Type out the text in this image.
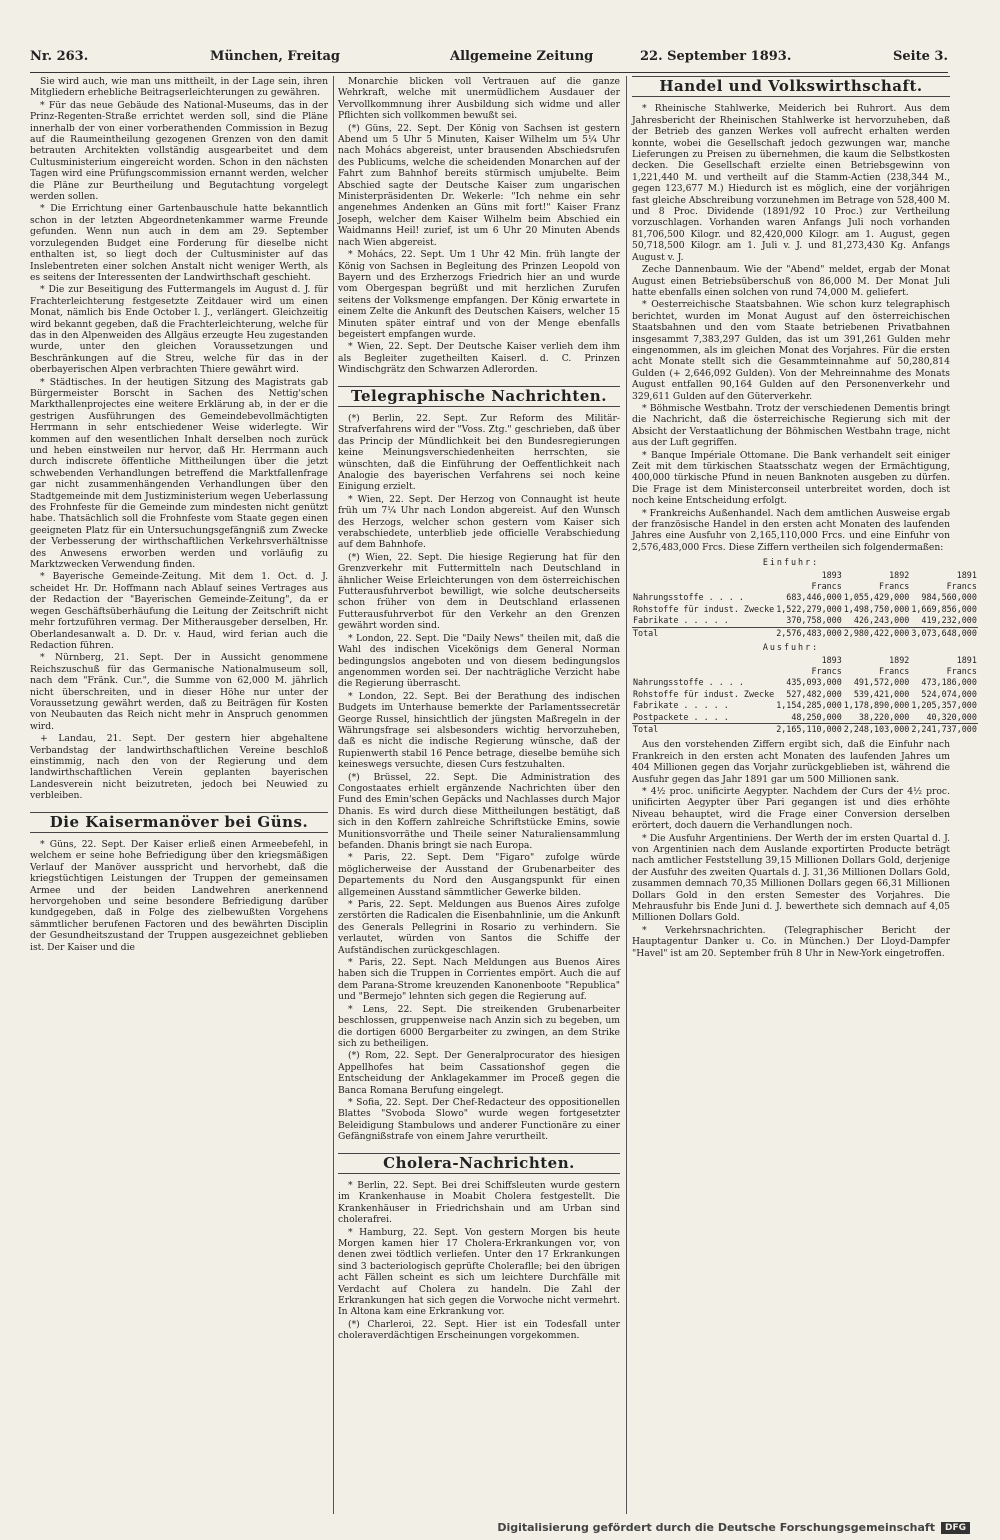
Nr. 263.	München, Freitag	Allgemeine Zeitung	22. September 1893.	Seite 3.

Sie wird auch, wie man uns mittheilt, in der Lage sein, ihren Mitgliedern erhebliche Beitragserleichterungen zu gewähren.

* Für das neue Gebäude des National-Museums, das in der Prinz-Regenten-Straße errichtet werden soll, sind die Pläne innerhalb der von einer vorberathenden Commission in Bezug auf die Raumeintheilung gezogenen Grenzen von den damit betrauten Architekten vollständig ausgearbeitet und dem Cultusministerium eingereicht worden. Schon in den nächsten Tagen wird eine Prüfungscommission ernannt werden, welcher die Pläne zur Beurtheilung und Begutachtung vorgelegt werden sollen.

* Die Errichtung einer Gartenbauschule hatte bekanntlich schon in der letzten Abgeordnetenkammer warme Freunde gefunden. Wenn nun auch in dem am 29. September vorzulegenden Budget eine Forderung für dieselbe nicht enthalten ist, so liegt doch der Cultusminister auf das Inslebentreten einer solchen Anstalt nicht weniger Werth, als es seitens der Interessenten der Landwirthschaft geschieht.

* Die zur Beseitigung des Futtermangels im August d. J. für Frachterleichterung festgesetzte Zeitdauer wird um einen Monat, nämlich bis Ende October l. J., verlängert. Gleichzeitig wird bekannt gegeben, daß die Frachterleichterung, welche für das in den Alpenweiden des Allgäus erzeugte Heu zugestanden wurde, unter den gleichen Voraussetzungen und Beschränkungen auf die Streu, welche für das in der oberbayerischen Alpen verbrachten Thiere gewährt wird.

* Städtisches. In der heutigen Sitzung des Magistrats gab Bürgermeister Borscht in Sachen des Nettig'schen Markthallenprojectes eine weitere Erklärung ab, in der er die gestrigen Ausführungen des Gemeindebevollmächtigten Herrmann in sehr entschiedener Weise widerlegte. Wir kommen auf den wesentlichen Inhalt derselben noch zurück und heben einstweilen nur hervor, daß Hr. Herrmann auch durch indiscrete öffentliche Mittheilungen über die jetzt schwebenden Verhandlungen betreffend die Marktfallenfrage gar nicht zusammenhängenden Verhandlungen über den Stadtgemeinde mit dem Justizministerium wegen Ueberlassung des Frohnfeste für die Gemeinde zum mindesten nicht genützt habe. Thatsächlich soll die Frohnfeste vom Staate gegen einen geeigneten Platz für ein Untersuchungsgefängniß zum Zwecke der Verbesserung der wirthschaftlichen Verkehrsverhältnisse des Anwesens erworben werden und vorläufig zu Marktzwecken Verwendung finden.

* Bayerische Gemeinde-Zeitung. Mit dem 1. Oct. d. J. scheidet Hr. Dr. Hoffmann nach Ablauf seines Vertrages aus der Redaction der "Bayerischen Gemeinde-Zeitung", da er wegen Geschäftsüberhäufung die Leitung der Zeitschrift nicht mehr fortzuführen vermag. Der Mitherausgeber derselben, Hr. Oberlandesanwalt a. D. Dr. v. Haud, wird ferian auch die Redaction führen.

* Nürnberg, 21. Sept. Der in Aussicht genommene Reichszuschuß für das Germanische Nationalmuseum soll, nach dem "Fränk. Cur.", die Summe von 62,000 M. jährlich nicht überschreiten, und in dieser Höhe nur unter der Voraussetzung gewährt werden, daß zu Beiträgen für Kosten von Neubauten das Reich nicht mehr in Anspruch genommen wird.

+ Landau, 21. Sept. Der gestern hier abgehaltene Verbandstag der landwirthschaftlichen Vereine beschloß einstimmig, nach den von der Regierung und dem landwirthschaftlichen Verein geplanten bayerischen Landesverein nicht beizutreten, jedoch bei Neuwied zu verbleiben.

Die Kaisermanöver bei Güns.

* Güns, 22. Sept. Der Kaiser erließ einen Armeebefehl, in welchem er seine hohe Befriedigung über den kriegsmäßigen Verlauf der Manöver ausspricht und hervorhebt, daß die kriegstüchtigen Leistungen der Truppen der gemeinsamen Armee und der beiden Landwehren anerkennend hervorgehoben und seine besondere Befriedigung darüber kundgegeben, daß in Folge des zielbewußten Vorgehens sämmtlicher berufenen Factoren und des bewährten Disciplin der Gesundheitszustand der Truppen ausgezeichnet geblieben ist. Der Kaiser und die

Monarchie blicken voll Vertrauen auf die ganze Wehrkraft, welche mit unermüdlichem Ausdauer der Vervollkommnung ihrer Ausbildung sich widme und aller Pflichten sich vollkommen bewußt sei.

(*) Güns, 22. Sept. Der König von Sachsen ist gestern Abend um 5 Uhr 5 Minuten, Kaiser Wilhelm um 5¼ Uhr nach Mohács abgereist, unter brausenden Abschiedsrufen des Publicums, welche die scheidenden Monarchen auf der Fahrt zum Bahnhof bereits stürmisch umjubelte. Beim Abschied sagte der Deutsche Kaiser zum ungarischen Ministerpräsidenten Dr. Wekerle: "Ich nehme ein sehr angenehmes Andenken an Güns mit fort!" Kaiser Franz Joseph, welcher dem Kaiser Wilhelm beim Abschied ein Waidmanns Heil! zurief, ist um 6 Uhr 20 Minuten Abends nach Wien abgereist.

* Mohács, 22. Sept. Um 1 Uhr 42 Min. früh langte der König von Sachsen in Begleitung des Prinzen Leopold von Bayern und des Erzherzogs Friedrich hier an und wurde vom Obergespan begrüßt und mit herzlichen Zurufen seitens der Volksmenge empfangen. Der König erwartete in einem Zelte die Ankunft des Deutschen Kaisers, welcher 15 Minuten später eintraf und von der Menge ebenfalls begeistert empfangen wurde.

* Wien, 22. Sept. Der Deutsche Kaiser verlieh dem ihm als Begleiter zugetheilten Kaiserl. d. C. Prinzen Windischgrätz den Schwarzen Adlerorden.

Telegraphische Nachrichten.

(*) Berlin, 22. Sept. Zur Reform des Militär-Strafverfahrens wird der "Voss. Ztg." geschrieben, daß über das Princip der Mündlichkeit bei den Bundesregierungen keine Meinungsverschiedenheiten herrschten, sie wünschten, daß die Einführung der Oeffentlichkeit nach Analogie des bayerischen Verfahrens sei noch keine Einigung erzielt.

* Wien, 22. Sept. Der Herzog von Connaught ist heute früh um 7¼ Uhr nach London abgereist. Auf den Wunsch des Herzogs, welcher schon gestern vom Kaiser sich verabschiedete, unterblieb jede officielle Verabschiedung auf dem Bahnhofe.

(*) Wien, 22. Sept. Die hiesige Regierung hat für den Grenzverkehr mit Futtermitteln nach Deutschland in ähnlicher Weise Erleichterungen von dem österreichischen Futterausfuhrverbot bewilligt, wie solche deutscherseits schon früher von dem in Deutschland erlassenen Futterausfuhrverbot für den Verkehr an den Grenzen gewährt worden sind.

* London, 22. Sept. Die "Daily News" theilen mit, daß die Wahl des indischen Vicekönigs dem General Norman bedingungslos angeboten und von diesem bedingungslos angenommen worden sei. Der nachträgliche Verzicht habe die Regierung überrascht.

* London, 22. Sept. Bei der Berathung des indischen Budgets im Unterhause bemerkte der Parlamentssecretär George Russel, hinsichtlich der jüngsten Maßregeln in der Währungsfrage sei alsbesonders wichtig hervorzuheben, daß es nicht die indische Regierung wünsche, daß der Rupienwerth stabil 16 Pence betrage, dieselbe bemühe sich keineswegs versuchte, diesen Curs festzuhalten.

(*) Brüssel, 22. Sept. Die Administration des Congostaates erhielt ergänzende Nachrichten über den Fund des Emin'schen Gepäcks und Nachlasses durch Major Dhanis. Es wird durch diese Mittheilungen bestätigt, daß sich in den Koffern zahlreiche Schriftstücke Emins, sowie Munitionsvorräthe und Theile seiner Naturaliensammlung befanden. Dhanis bringt sie nach Europa.

* Paris, 22. Sept. Dem "Figaro" zufolge würde möglicherweise der Ausstand der Grubenarbeiter des Departements du Nord den Ausgangspunkt für einen allgemeinen Ausstand sämmtlicher Gewerke bilden.

* Paris, 22. Sept. Meldungen aus Buenos Aires zufolge zerstörten die Radicalen die Eisenbahnlinie, um die Ankunft des Generals Pellegrini in Rosario zu verhindern. Sie verlautet, würden von Santos die Schiffe der Aufständischen zurückgeschlagen.

* Paris, 22. Sept. Nach Meldungen aus Buenos Aires haben sich die Truppen in Corrientes empört. Auch die auf dem Parana-Strome kreuzenden Kanonenboote "Republica" und "Bermejo" lehnten sich gegen die Regierung auf.

* Lens, 22. Sept. Die streikenden Grubenarbeiter beschlossen, gruppenweise nach Anzin sich zu begeben, um die dortigen 6000 Bergarbeiter zu zwingen, an dem Strike sich zu betheiligen.

(*) Rom, 22. Sept. Der Generalprocurator des hiesigen Appellhofes hat beim Cassationshof gegen die Entscheidung der Anklagekammer im Proceß gegen die Banca Romana Berufung eingelegt.

* Sofia, 22. Sept. Der Chef-Redacteur des oppositionellen Blattes "Svoboda Slowo" wurde wegen fortgesetzter Beleidigung Stambulows und anderer Functionäre zu einer Gefängnißstrafe von einem Jahre verurtheilt.

Cholera-Nachrichten.

* Berlin, 22. Sept. Bei drei Schiffsleuten wurde gestern im Krankenhause in Moabit Cholera festgestellt. Die Krankenhäuser in Friedrichshain und am Urban sind cholerafrei.

* Hamburg, 22. Sept. Von gestern Morgen bis heute Morgen kamen hier 17 Cholera-Erkrankungen vor, von denen zwei tödtlich verliefen. Unter den 17 Erkrankungen sind 3 bacteriologisch geprüfte Choleraflle; bei den übrigen acht Fällen scheint es sich um leichtere Durchfälle mit Verdacht auf Cholera zu handeln. Die Zahl der Erkrankungen hat sich gegen die Vorwoche nicht vermehrt. In Altona kam eine Erkrankung vor.

(*) Charleroi, 22. Sept. Hier ist ein Todesfall unter choleraverdächtigen Erscheinungen vorgekommen.

Handel und Volkswirthschaft.

* Rheinische Stahlwerke, Meiderich bei Ruhrort. Aus dem Jahresbericht der Rheinischen Stahlwerke ist hervorzuheben, daß der Betrieb des ganzen Werkes voll aufrecht erhalten werden konnte, wobei die Gesellschaft jedoch gezwungen war, manche Lieferungen zu Preisen zu übernehmen, die kaum die Selbstkosten decken. Die Gesellschaft erzielte einen Betriebsgewinn von 1,221,440 M. und vertheilt auf die Stamm-Actien (238,344 M., gegen 123,677 M.) Hiedurch ist es möglich, eine der vorjährigen fast gleiche Abschreibung vorzunehmen im Betrage von 528,400 M. und 8 Proc. Dividende (1891/92 10 Proc.) zur Vertheilung vorzuschlagen. Vorhanden waren Anfangs Juli noch vorhanden 81,706,500 Kilogr. und 82,420,000 Kilogr. am 1. August, gegen 50,718,500 Kilogr. am 1. Juli v. J. und 81,273,430 Kg. Anfangs August v. J.

Zeche Dannenbaum. Wie der "Abend" meldet, ergab der Monat August einen Betriebsüberschuß von 86,000 M. Der Monat Juli hatte ebenfalls einen solchen von rund 74,000 M. geliefert.

* Oesterreichische Staatsbahnen. Wie schon kurz telegraphisch berichtet, wurden im Monat August auf den österreichischen Staatsbahnen und den vom Staate betriebenen Privatbahnen insgesammt 7,383,297 Gulden, das ist um 391,261 Gulden mehr eingenommen, als im gleichen Monat des Vorjahres. Für die ersten acht Monate stellt sich die Gesammteinnahme auf 50,280,814 Gulden (+ 2,646,092 Gulden). Von der Mehreinnahme des Monats August entfallen 90,164 Gulden auf den Personenverkehr und 329,611 Gulden auf den Güterverkehr.

* Böhmische Westbahn. Trotz der verschiedenen Dementis bringt die Nachricht, daß die österreichische Regierung sich mit der Absicht der Verstaatlichung der Böhmischen Westbahn trage, nicht aus der Luft gegriffen.

* Banque Impériale Ottomane. Die Bank verhandelt seit einiger Zeit mit dem türkischen Staatsschatz wegen der Ermächtigung, 400,000 türkische Pfund in neuen Banknoten ausgeben zu dürfen. Die Frage ist dem Ministerconseil unterbreitet worden, doch ist noch keine Entscheidung erfolgt.

* Frankreichs Außenhandel. Nach dem amtlichen Ausweise ergab der französische Handel in den ersten acht Monaten des laufenden Jahres eine Ausfuhr von 2,165,110,000 Frcs. und eine Einfuhr von 2,576,483,000 Frcs. Diese Ziffern vertheilen sich folgendermaßen:

Einfuhr:
	1893	1892	1891
	Francs	Francs	Francs
Nahrungsstoffe . . . .	683,446,000	1,055,429,000	984,560,000
Rohstoffe für indust. Zwecke	1,522,279,000	1,498,750,000	1,669,856,000
Fabrikate . . . . .	370,758,000	426,243,000	419,232,000
Total	2,576,483,000	2,980,422,000	3,073,648,000
Ausfuhr:
	1893	1892	1891
	Francs	Francs	Francs
Nahrungsstoffe . . . .	435,093,000	491,572,000	473,186,000
Rohstoffe für indust. Zwecke	527,482,000	539,421,000	524,074,000
Fabrikate . . . . .	1,154,285,000	1,178,890,000	1,205,357,000
Postpackete . . . .	48,250,000	38,220,000	40,320,000
Total	2,165,110,000	2,248,103,000	2,241,737,000

Aus den vorstehenden Ziffern ergibt sich, daß die Einfuhr nach Frankreich in den ersten acht Monaten des laufenden Jahres um 404 Millionen gegen das Vorjahr zurückgeblieben ist, während die Ausfuhr gegen das Jahr 1891 gar um 500 Millionen sank.

* 4½ proc. unificirte Aegypter. Nachdem der Curs der 4½ proc. unificirten Aegypter über Pari gegangen ist und dies erhöhte Niveau behauptet, wird die Frage einer Conversion derselben erörtert, doch dauern die Verhandlungen noch.

* Die Ausfuhr Argentiniens. Der Werth der im ersten Quartal d. J. von Argentinien nach dem Auslande exportirten Producte beträgt nach amtlicher Feststellung 39,15 Millionen Dollars Gold, derjenige der Ausfuhr des zweiten Quartals d. J. 31,36 Millionen Dollars Gold, zusammen demnach 70,35 Millionen Dollars gegen 66,31 Millionen Dollars Gold in den ersten Semester des Vorjahres. Die Mehrausfuhr bis Ende Juni d. J. bewerthete sich demnach auf 4,05 Millionen Dollars Gold.

* Verkehrsnachrichten. (Telegraphischer Bericht der Hauptagentur Danker u. Co. in München.) Der Lloyd-Dampfer "Havel" ist am 20. September früh 8 Uhr in New-York eingetroffen.

Digitalisierung gefördert durch die Deutsche Forschungsgemeinschaft	DFG
